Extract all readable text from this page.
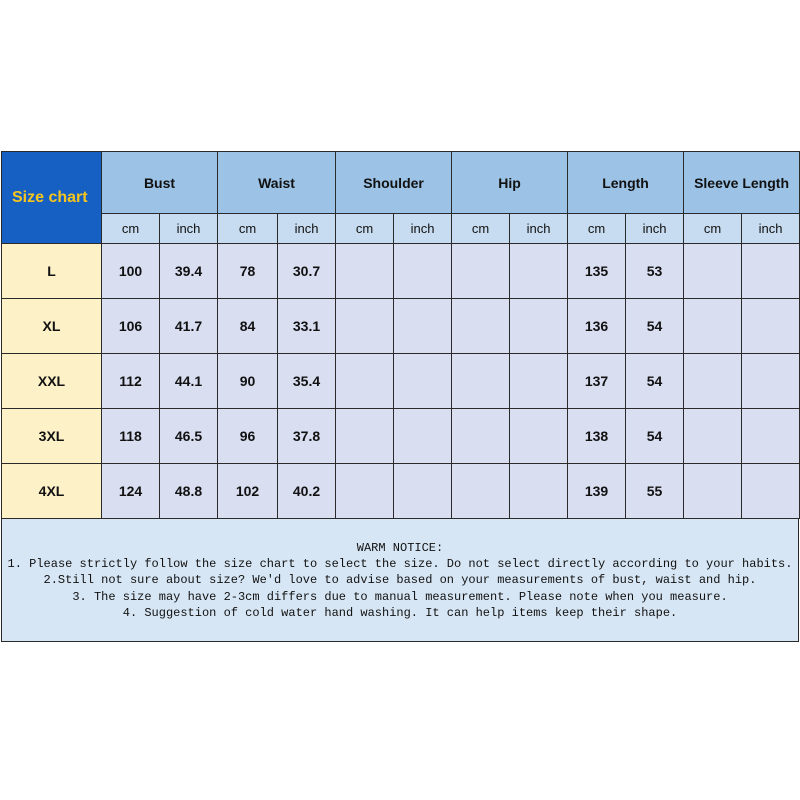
Size chart	Bust		Waist		Shoulder		Hip		Length		Sleeve Length	
	cm	inch	cm	inch	cm	inch	cm	inch	cm	inch	cm	inch
L	100	39.4	78	30.7					135	53		
XL	106	41.7	84	33.1					136	54		
XXL	112	44.1	90	35.4					137	54		
3XL	118	46.5	96	37.8					138	54		
4XL	124	48.8	102	40.2					139	55		
WARM NOTICE:
1. Please strictly follow the size chart to select the size. Do not select directly according to your habits.
2.Still not sure about size? We'd love to advise based on your measurements of bust, waist and hip.
3. The size may have 2-3cm differs due to manual measurement. Please note when you measure.
4. Suggestion of cold water hand washing. It can help items keep their shape.
